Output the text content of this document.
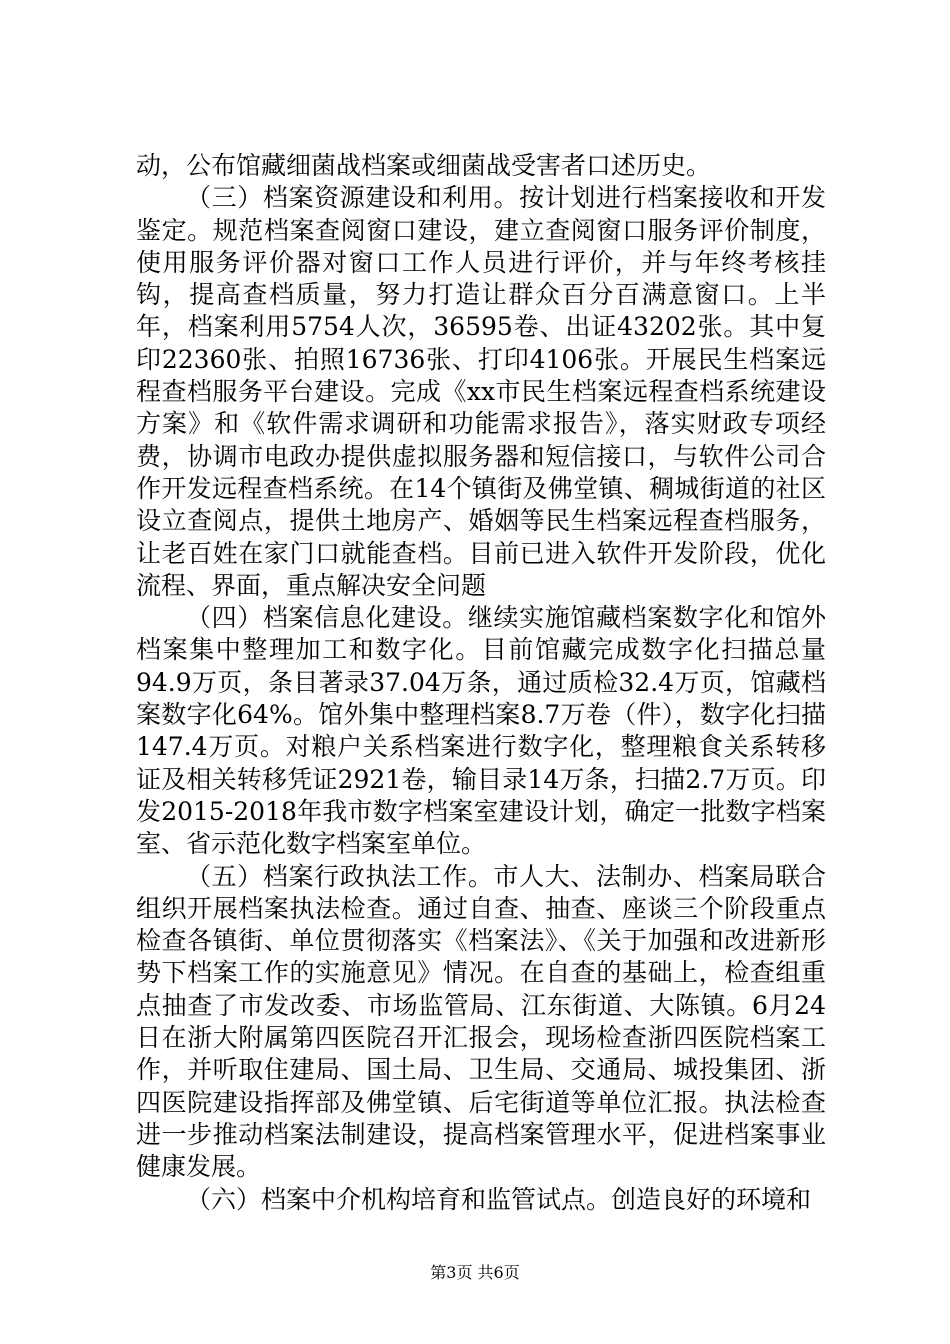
动，公布馆藏细菌战档案或细菌战受害者口述历史。

（三）档案资源建设和利用。按计划进行档案接收和开发鉴定。规范档案查阅窗口建设，建立查阅窗口服务评价制度，使用服务评价器对窗口工作人员进行评价，并与年终考核挂钩，提高查档质量，努力打造让群众百分百满意窗口。上半年，档案利用5754人次，36595卷、出证43202张。其中复印22360张、拍照16736张、打印4106张。开展民生档案远程查档服务平台建设。完成《xx市民生档案远程查档系统建设方案》和《软件需求调研和功能需求报告》，落实财政专项经费，协调市电政办提供虚拟服务器和短信接口，与软件公司合作开发远程查档系统。在14个镇街及佛堂镇、稠城街道的社区设立查阅点，提供土地房产、婚姻等民生档案远程查档服务，让老百姓在家门口就能查档。目前已进入软件开发阶段，优化流程、界面，重点解决安全问题

（四）档案信息化建设。继续实施馆藏档案数字化和馆外档案集中整理加工和数字化。目前馆藏完成数字化扫描总量94.9万页，条目著录37.04万条，通过质检32.4万页，馆藏档案数字化64%。馆外集中整理档案8.7万卷（件），数字化扫描147.4万页。对粮户关系档案进行数字化，整理粮食关系转移证及相关转移凭证2921卷，输目录14万条，扫描2.7万页。印发2015-2018年我市数字档案室建设计划，确定一批数字档案室、省示范化数字档案室单位。

（五）档案行政执法工作。市人大、法制办、档案局联合组织开展档案执法检查。通过自查、抽查、座谈三个阶段重点检查各镇街、单位贯彻落实《档案法》、《关于加强和改进新形势下档案工作的实施意见》情况。在自查的基础上，检查组重点抽查了市发改委、市场监管局、江东街道、大陈镇。6月24日在浙大附属第四医院召开汇报会，现场检查浙四医院档案工作，并听取住建局、国土局、卫生局、交通局、城投集团、浙四医院建设指挥部及佛堂镇、后宅街道等单位汇报。执法检查进一步推动档案法制建设，提高档案管理水平，促进档案事业健康发展。

（六）档案中介机构培育和监管试点。创造良好的环境和

第3页 共6页
